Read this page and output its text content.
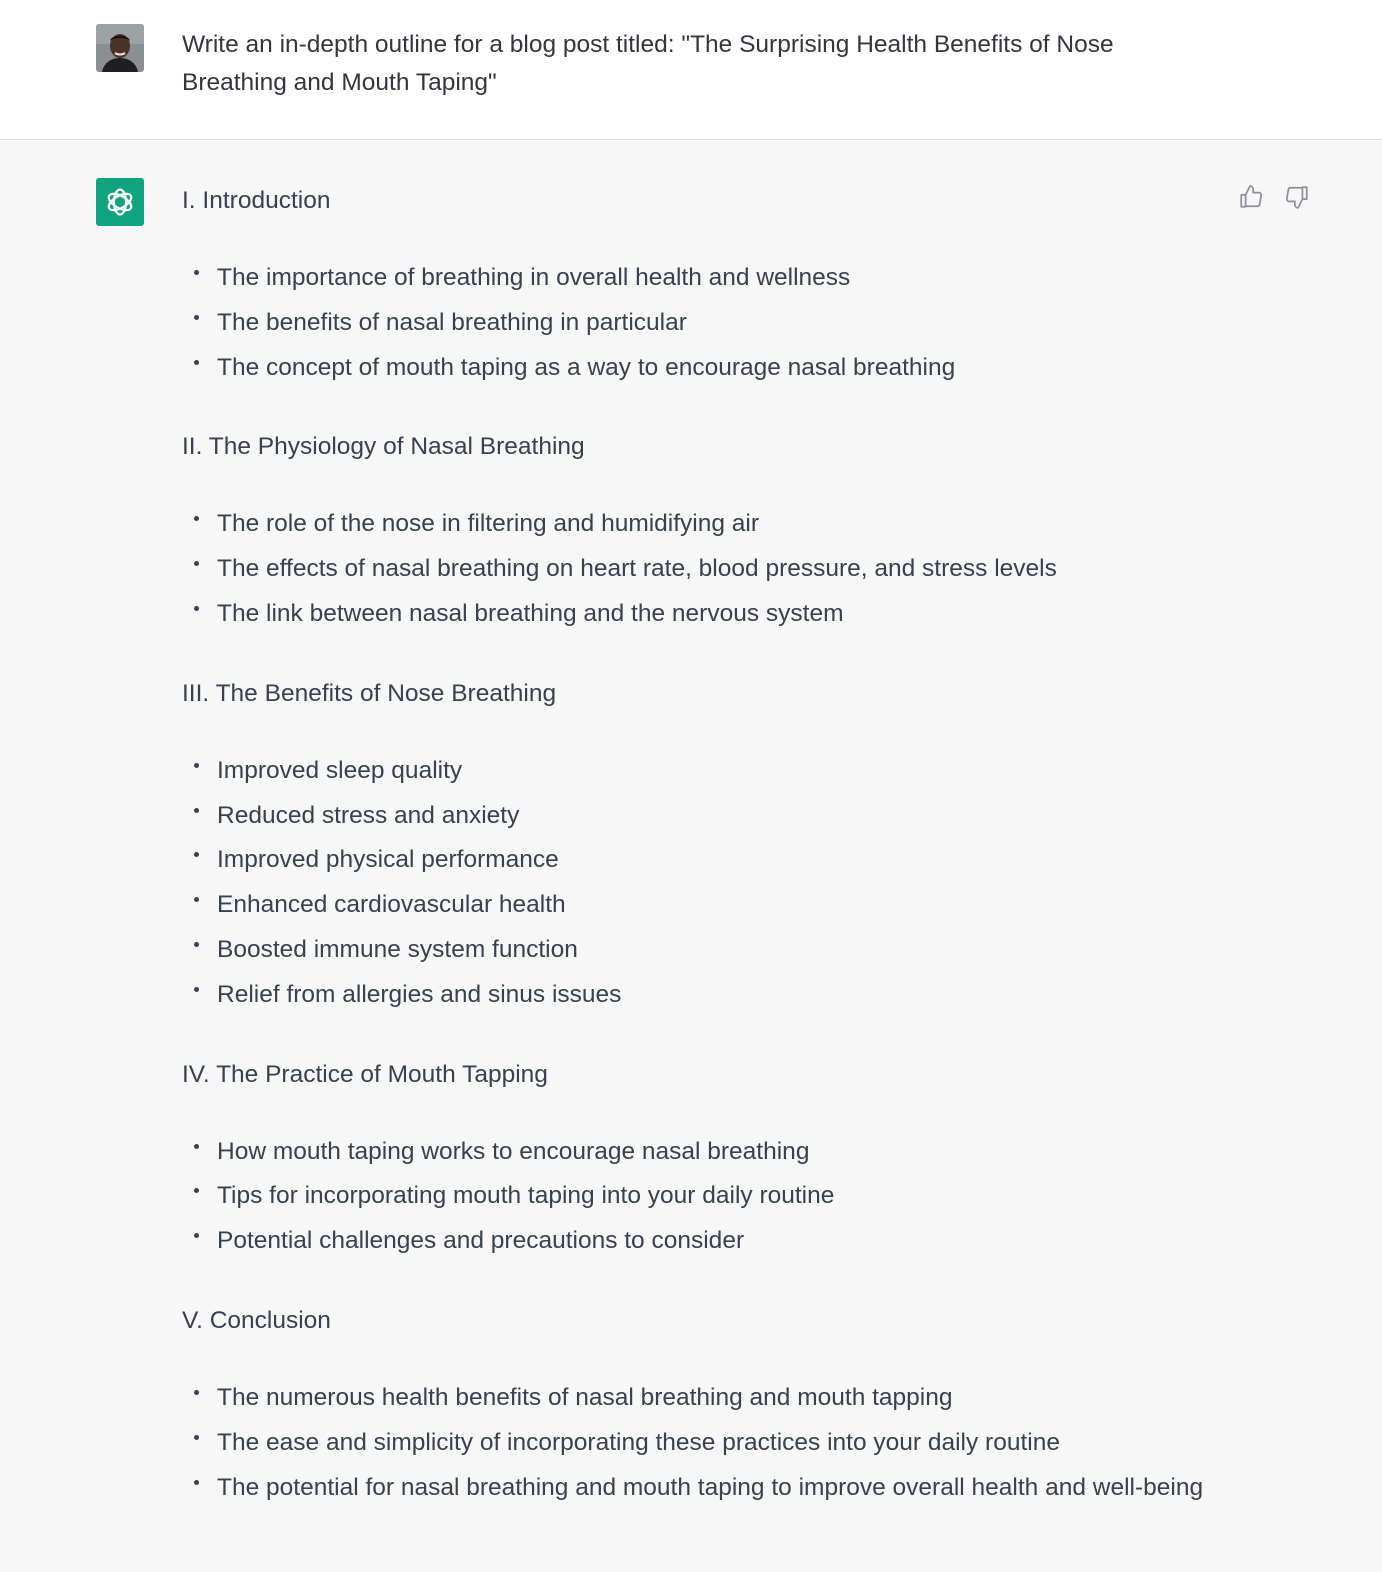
Write an in-depth outline for a blog post titled: "The Surprising Health Benefits of Nose Breathing and Mouth Taping"
I. Introduction
The importance of breathing in overall health and wellness
The benefits of nasal breathing in particular
The concept of mouth taping as a way to encourage nasal breathing
II. The Physiology of Nasal Breathing
The role of the nose in filtering and humidifying air
The effects of nasal breathing on heart rate, blood pressure, and stress levels
The link between nasal breathing and the nervous system
III. The Benefits of Nose Breathing
Improved sleep quality
Reduced stress and anxiety
Improved physical performance
Enhanced cardiovascular health
Boosted immune system function
Relief from allergies and sinus issues
IV. The Practice of Mouth Tapping
How mouth taping works to encourage nasal breathing
Tips for incorporating mouth taping into your daily routine
Potential challenges and precautions to consider
V. Conclusion
The numerous health benefits of nasal breathing and mouth tapping
The ease and simplicity of incorporating these practices into your daily routine
The potential for nasal breathing and mouth taping to improve overall health and well-being
